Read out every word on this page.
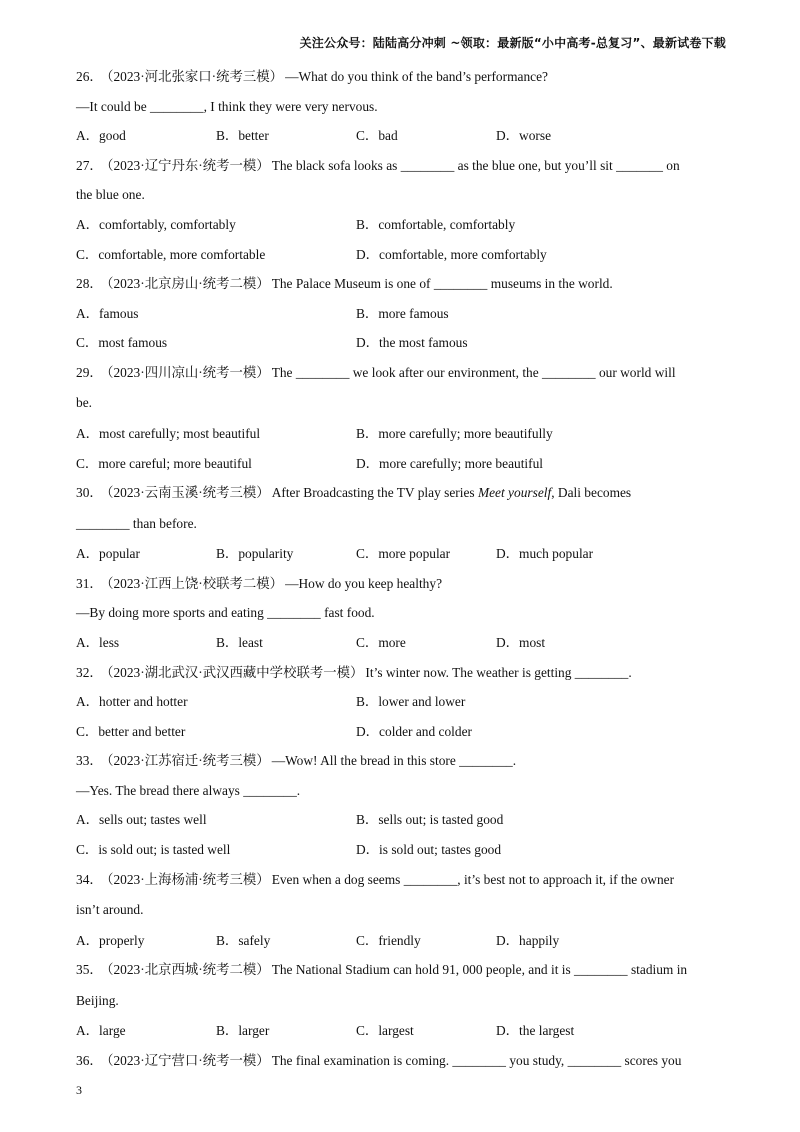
关注公众号：陆陆高分冲刺 ~领取：最新版“小中高考-总复习”、最新试卷下载
26． （2023·河北张家口·统考三模） —What do you think of the band’s performance?
—It could be ________, I think they were very nervous.
A．good	B．better	C．bad	D．worse
27． （2023·辽宁丹东·统考一模） The black sofa looks as ________ as the blue one, but you’ll sit _______ on
the blue one.
A．comfortably, comfortably	B．comfortable, comfortably
C．comfortable, more comfortable	D．comfortable, more comfortably
28． （2023·北京房山·统考二模） The Palace Museum is one of ________ museums in the world.
A．famous	B．more famous
C．most famous	D．the most famous
29． （2023·四川凉山·统考一模） The ________ we look after our environment, the ________ our world will
be.
A．most carefully; most beautiful	B．more carefully; more beautifully
C．more careful; more beautiful	D．more carefully; more beautiful
30． （2023·云南玉溪·统考三模） After Broadcasting the TV play series Meet yourself, Dali becomes
________ than before.
A．popular	B．popularity	C．more popular	D．much popular
31． （2023·江西上饶·校联考二模） —How do you keep healthy?
—By doing more sports and eating ________ fast food.
A．less	B．least	C．more	D．most
32． （2023·湖北武汉·武汉西藏中学校联考一模） It’s winter now. The weather is getting ________.
A．hotter and hotter	B．lower and lower
C．better and better	D．colder and colder
33． （2023·江苏宿迁·统考三模） —Wow! All the bread in this store ________.
—Yes. The bread there always ________.
A．sells out; tastes well	B．sells out; is tasted good
C．is sold out; is tasted well	D．is sold out; tastes good
34． （2023·上海杨浦·统考三模） Even when a dog seems ________, it’s best not to approach it, if the owner
isn’t around.
A．properly	B．safely	C．friendly	D．happily
35． （2023·北京西城·统考二模） The National Stadium can hold 91, 000 people, and it is ________ stadium in
Beijing.
A．large	B．larger	C．largest	D．the largest
36． （2023·辽宁营口·统考一模） The final examination is coming. ________ you study, ________ scores you
3
